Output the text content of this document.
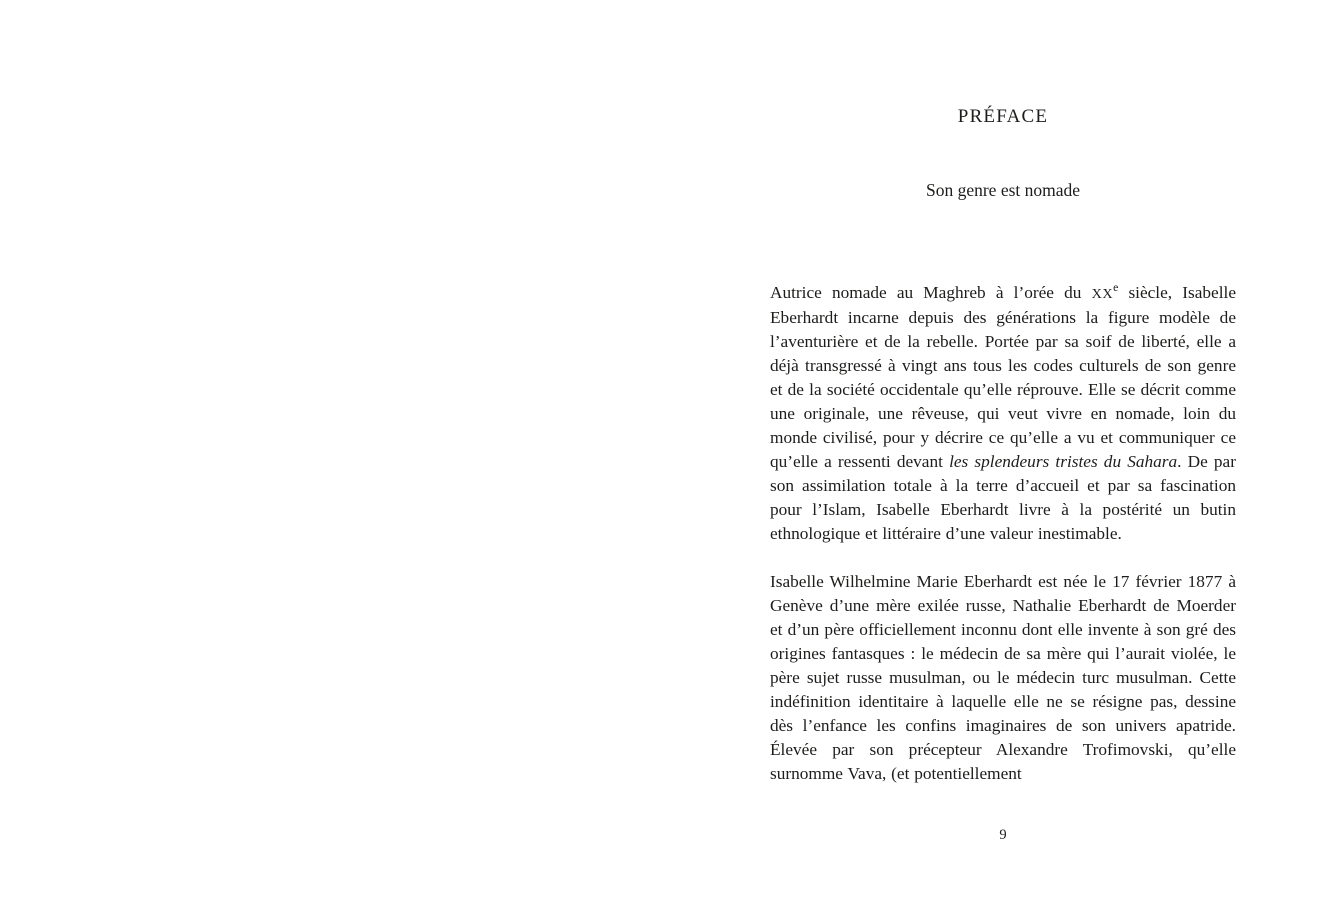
PRÉFACE
Son genre est nomade

Autrice nomade au Maghreb à l’orée du XXe siècle, Isabelle Eberhardt incarne depuis des générations la figure modèle de l’aventurière et de la rebelle. Portée par sa soif de liberté, elle a déjà transgressé à vingt ans tous les codes culturels de son genre et de la société occidentale qu’elle réprouve. Elle se décrit comme une originale, une rêveuse, qui veut vivre en nomade, loin du monde civilisé, pour y décrire ce qu’elle a vu et communiquer ce qu’elle a ressenti devant les splendeurs tristes du Sahara. De par son assimilation totale à la terre d’accueil et par sa fascination pour l’Islam, Isabelle Eberhardt livre à la postérité un butin ethnologique et littéraire d’une valeur inestimable.

Isabelle Wilhelmine Marie Eberhardt est née le 17 février 1877 à Genève d’une mère exilée russe, Nathalie Eberhardt de Moerder et d’un père officiellement inconnu dont elle invente à son gré des origines fantasques : le médecin de sa mère qui l’aurait violée, le père sujet russe musulman, ou le médecin turc musulman. Cette indéfinition identitaire à laquelle elle ne se résigne pas, dessine dès l’enfance les confins imaginaires de son univers apatride. Élevée par son précepteur Alexandre Trofimovski, qu’elle surnomme Vava, (et potentiellement

9
